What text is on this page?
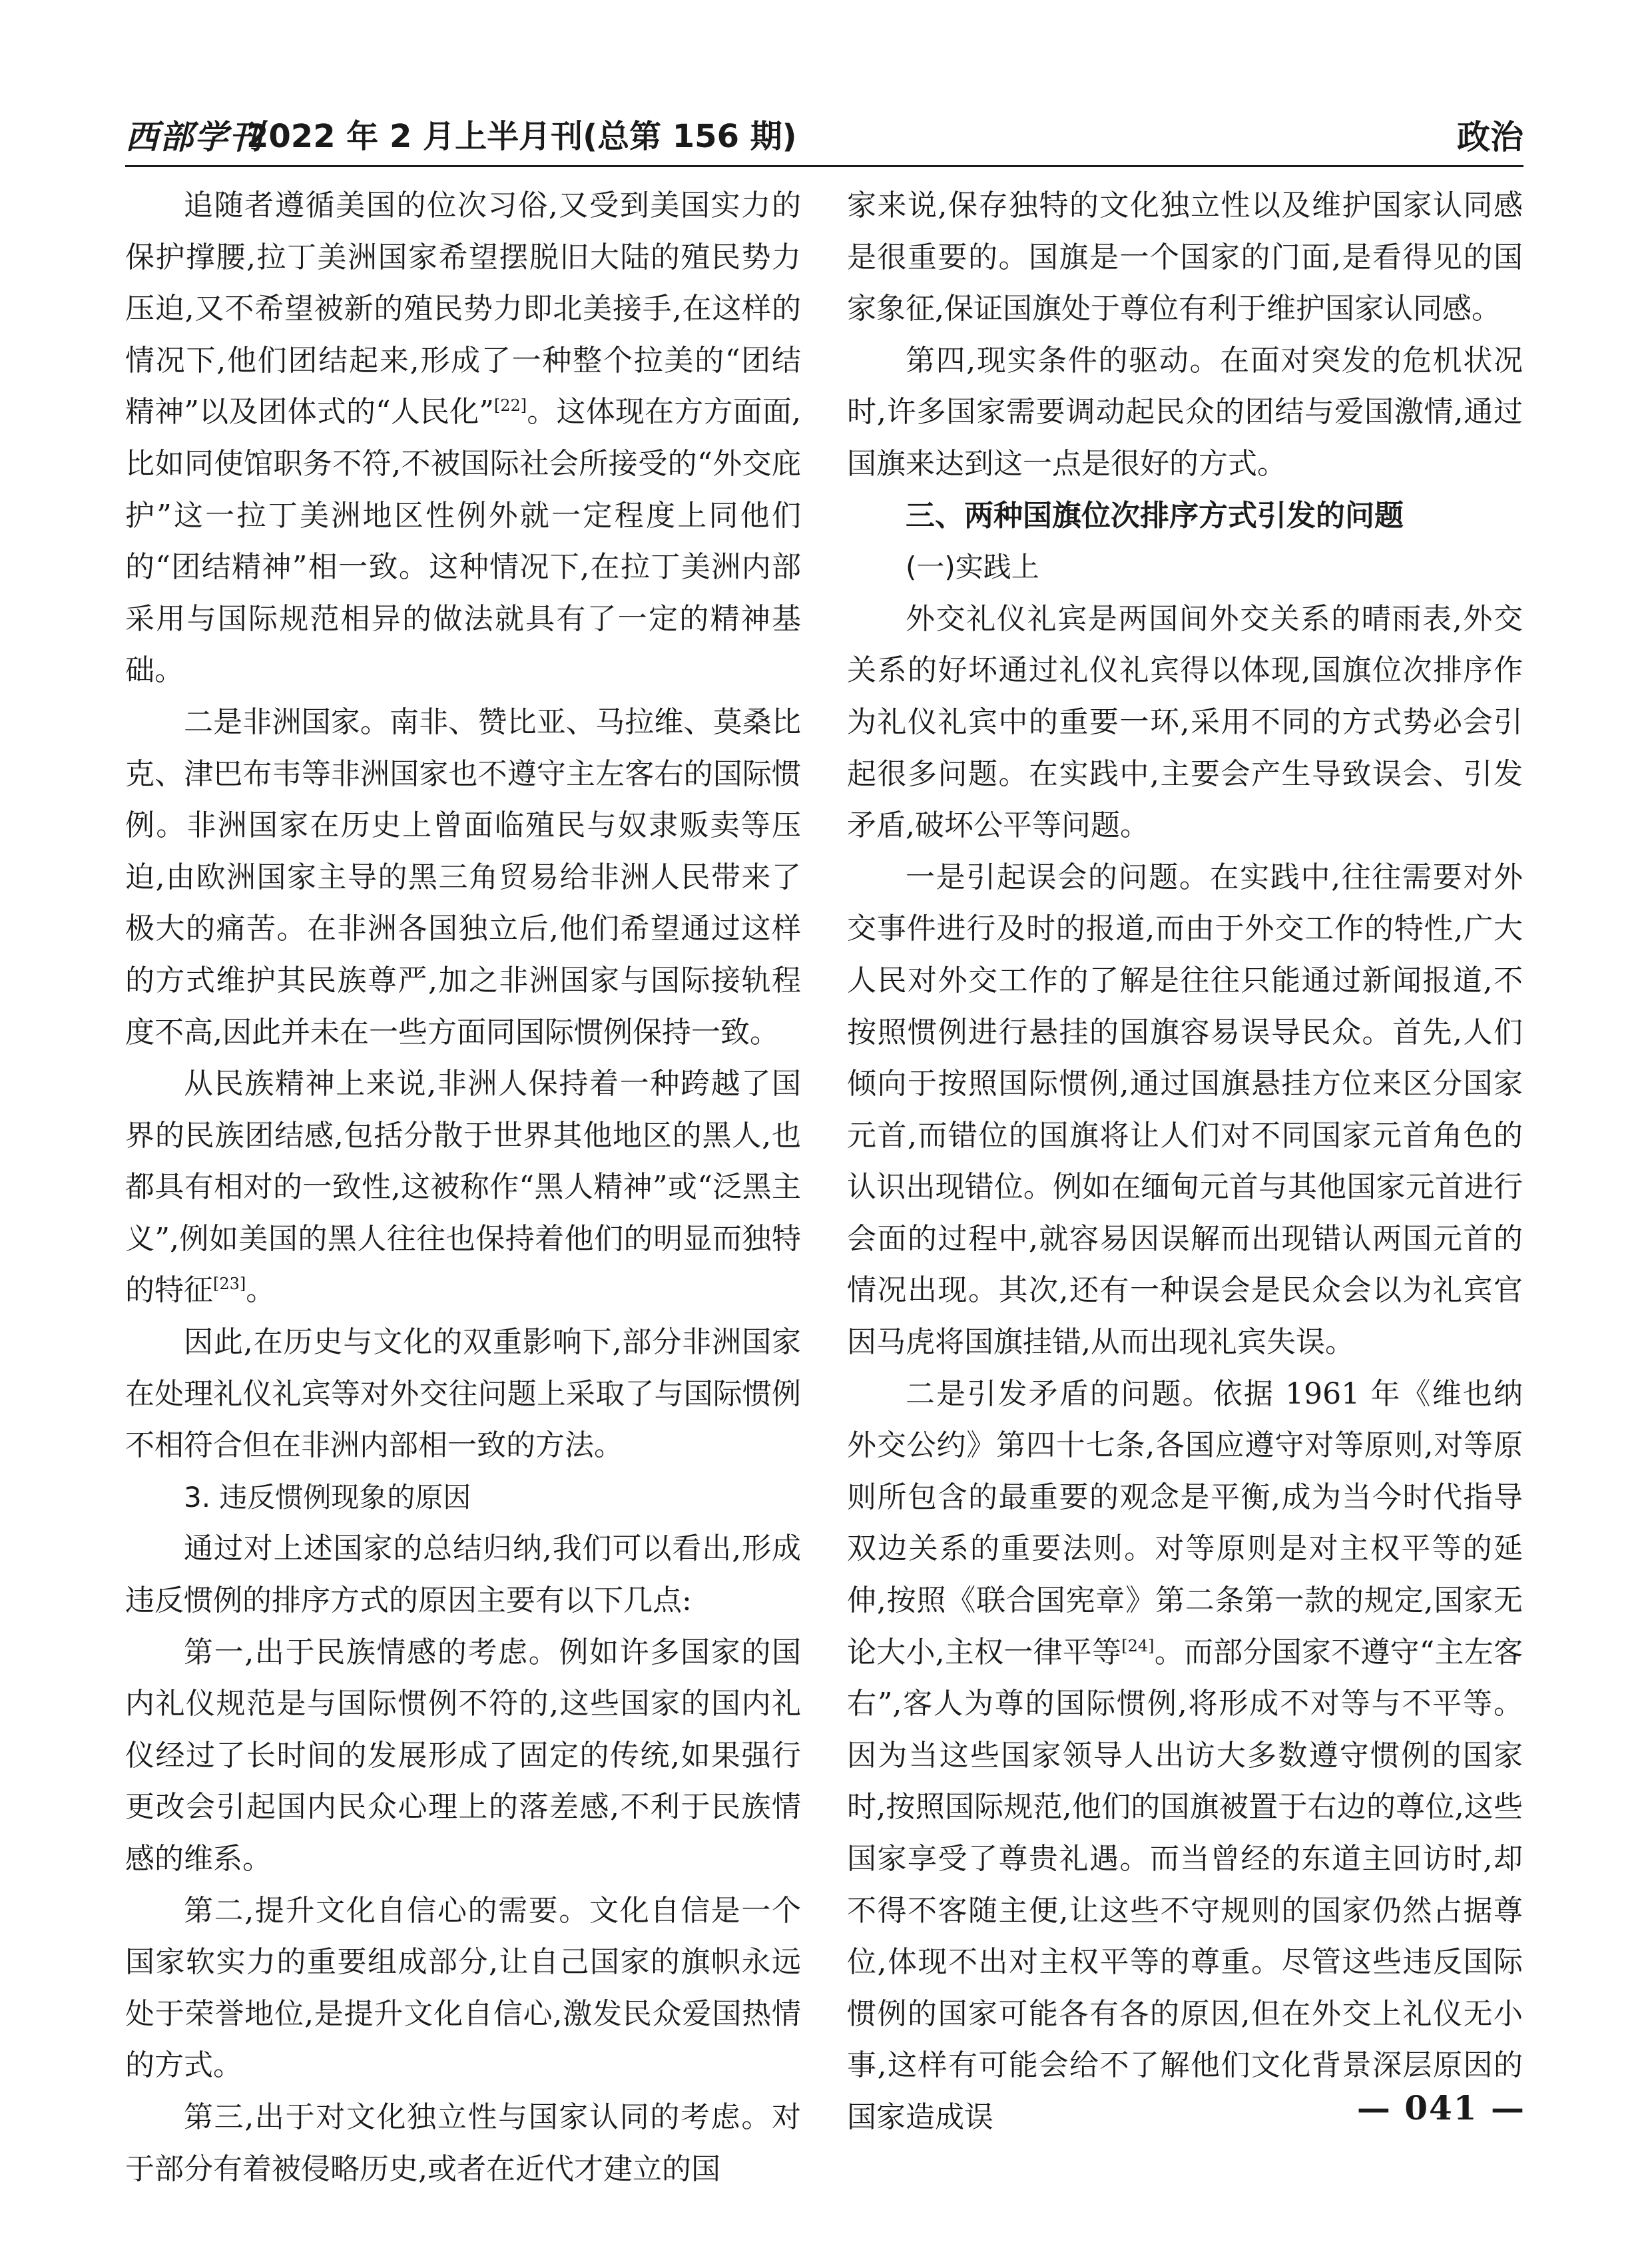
西部学刊
2022 年 2 月上半月刊(总第 156 期)	政治

追随者遵循美国的位次习俗,又受到美国实力的保护撑腰,拉丁美洲国家希望摆脱旧大陆的殖民势力压迫,又不希望被新的殖民势力即北美接手,在这样的情况下,他们团结起来,形成了一种整个拉美的“团结精神”以及团体式的“人民化”[22]。这体现在方方面面,比如同使馆职务不符,不被国际社会所接受的“外交庇护”这一拉丁美洲地区性例外就一定程度上同他们的“团结精神”相一致。这种情况下,在拉丁美洲内部采用与国际规范相异的做法就具有了一定的精神基础。

二是非洲国家。南非、赞比亚、马拉维、莫桑比克、津巴布韦等非洲国家也不遵守主左客右的国际惯例。非洲国家在历史上曾面临殖民与奴隶贩卖等压迫,由欧洲国家主导的黑三角贸易给非洲人民带来了极大的痛苦。在非洲各国独立后,他们希望通过这样的方式维护其民族尊严,加之非洲国家与国际接轨程度不高,因此并未在一些方面同国际惯例保持一致。

从民族精神上来说,非洲人保持着一种跨越了国界的民族团结感,包括分散于世界其他地区的黑人,也都具有相对的一致性,这被称作“黑人精神”或“泛黑主义”,例如美国的黑人往往也保持着他们的明显而独特的特征[23]。

因此,在历史与文化的双重影响下,部分非洲国家在处理礼仪礼宾等对外交往问题上采取了与国际惯例不相符合但在非洲内部相一致的方法。

3. 违反惯例现象的原因

通过对上述国家的总结归纳,我们可以看出,形成违反惯例的排序方式的原因主要有以下几点:

第一,出于民族情感的考虑。例如许多国家的国内礼仪规范是与国际惯例不符的,这些国家的国内礼仪经过了长时间的发展形成了固定的传统,如果强行更改会引起国内民众心理上的落差感,不利于民族情感的维系。

第二,提升文化自信心的需要。文化自信是一个国家软实力的重要组成部分,让自己国家的旗帜永远处于荣誉地位,是提升文化自信心,激发民众爱国热情的方式。

第三,出于对文化独立性与国家认同的考虑。对于部分有着被侵略历史,或者在近代才建立的国

家来说,保存独特的文化独立性以及维护国家认同感是很重要的。国旗是一个国家的门面,是看得见的国家象征,保证国旗处于尊位有利于维护国家认同感。

第四,现实条件的驱动。在面对突发的危机状况时,许多国家需要调动起民众的团结与爱国激情,通过国旗来达到这一点是很好的方式。

三、两种国旗位次排序方式引发的问题

(一)实践上

外交礼仪礼宾是两国间外交关系的晴雨表,外交关系的好坏通过礼仪礼宾得以体现,国旗位次排序作为礼仪礼宾中的重要一环,采用不同的方式势必会引起很多问题。在实践中,主要会产生导致误会、引发矛盾,破坏公平等问题。

一是引起误会的问题。在实践中,往往需要对外交事件进行及时的报道,而由于外交工作的特性,广大人民对外交工作的了解是往往只能通过新闻报道,不按照惯例进行悬挂的国旗容易误导民众。首先,人们倾向于按照国际惯例,通过国旗悬挂方位来区分国家元首,而错位的国旗将让人们对不同国家元首角色的认识出现错位。例如在缅甸元首与其他国家元首进行会面的过程中,就容易因误解而出现错认两国元首的情况出现。其次,还有一种误会是民众会以为礼宾官因马虎将国旗挂错,从而出现礼宾失误。

二是引发矛盾的问题。依据 1961 年《维也纳外交公约》第四十七条,各国应遵守对等原则,对等原则所包含的最重要的观念是平衡,成为当今时代指导双边关系的重要法则。对等原则是对主权平等的延伸,按照《联合国宪章》第二条第一款的规定,国家无论大小,主权一律平等[24]。而部分国家不遵守“主左客右”,客人为尊的国际惯例,将形成不对等与不平等。因为当这些国家领导人出访大多数遵守惯例的国家时,按照国际规范,他们的国旗被置于右边的尊位,这些国家享受了尊贵礼遇。而当曾经的东道主回访时,却不得不客随主便,让这些不守规则的国家仍然占据尊位,体现不出对主权平等的尊重。尽管这些违反国际惯例的国家可能各有各的原因,但在外交上礼仪无小事,这样有可能会给不了解他们文化背景深层原因的国家造成误	— 041 —
